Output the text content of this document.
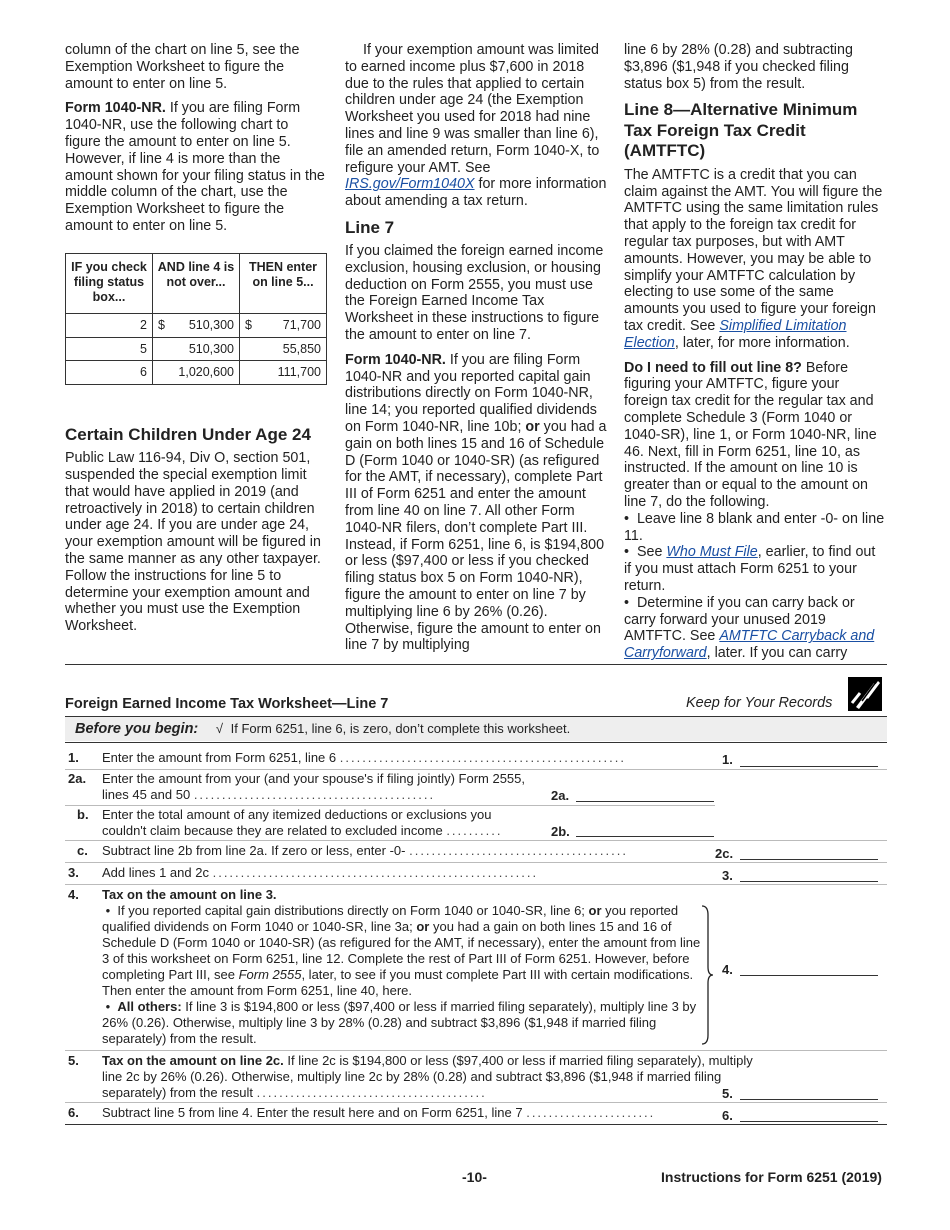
column of the chart on line 5, see the Exemption Worksheet to figure the amount to enter on line 5.

Form 1040-NR. If you are filing Form 1040-NR, use the following chart to figure the amount to enter on line 5. However, if line 4 is more than the amount shown for your filing status in the middle column of the chart, use the Exemption Worksheet to figure the amount to enter on line 5.

IF you check filing status box...	AND line 4 is not over...	THEN enter on line 5...
2	$ 510,300	$ 71,700
5	510,300	55,850
6	1,020,600	111,700
Certain Children Under Age 24

Public Law 116-94, Div O, section 501, suspended the special exemption limit that would have applied in 2019 (and retroactively in 2018) to certain children under age 24. If you are under age 24, your exemption amount will be figured in the same manner as any other taxpayer. Follow the instructions for line 5 to determine your exemption amount and whether you must use the Exemption Worksheet.

If your exemption amount was limited to earned income plus $7,600 in 2018 due to the rules that applied to certain children under age 24 (the Exemption Worksheet you used for 2018 had nine lines and line 9 was smaller than line 6), file an amended return, Form 1040-X, to refigure your AMT. See IRS.gov/Form1040X for more information about amending a tax return.

Line 7

If you claimed the foreign earned income exclusion, housing exclusion, or housing deduction on Form 2555, you must use the Foreign Earned Income Tax Worksheet in these instructions to figure the amount to enter on line 7.

Form 1040-NR. If you are filing Form 1040-NR and you reported capital gain distributions directly on Form 1040-NR, line 14; you reported qualified dividends on Form 1040-NR, line 10b; or you had a gain on both lines 15 and 16 of Schedule D (Form 1040 or 1040-SR) (as refigured for the AMT, if necessary), complete Part III of Form 6251 and enter the amount from line 40 on line 7. All other Form 1040-NR filers, don’t complete Part III. Instead, if Form 6251, line 6, is $194,800 or less ($97,400 or less if you checked filing status box 5 on Form 1040-NR), figure the amount to enter on line 7 by multiplying line 6 by 26% (0.26). Otherwise, figure the amount to enter on line 7 by multiplying

line 6 by 28% (0.28) and subtracting $3,896 ($1,948 if you checked filing status box 5) from the result.

Line 8—Alternative Minimum Tax Foreign Tax Credit (AMTFTC)

The AMTFTC is a credit that you can claim against the AMT. You will figure the AMTFTC using the same limitation rules that apply to the foreign tax credit for regular tax purposes, but with AMT amounts. However, you may be able to simplify your AMTFTC calculation by electing to use some of the same amounts you used to figure your foreign tax credit. See Simplified Limitation Election, later, for more information.

Do I need to fill out line 8? Before figuring your AMTFTC, figure your foreign tax credit for the regular tax and complete Schedule 3 (Form 1040 or 1040-SR), line 1, or Form 1040-NR, line 46. Next, fill in Form 6251, line 10, as instructed. If the amount on line 10 is greater than or equal to the amount on line 7, do the following.

•  Leave line 8 blank and enter -0- on line 11.

•  See Who Must File, earlier, to find out if you must attach Form 6251 to your return.

•  Determine if you can carry back or carry forward your unused 2019 AMTFTC. See AMTFTC Carryback and Carryforward, later. If you can carry

Foreign Earned Income Tax Worksheet—Line 7	Keep for Your Records
Before you begin: √ If Form 6251, line 6, is zero, don’t complete this worksheet.
1. Enter the amount from Form 6251, line 6 ...................................................	1.
2a. Enter the amount from your (and your spouse's if filing jointly) Form 2555,
lines 45 and 50 ...........................................	2a.
b. Enter the total amount of any itemized deductions or exclusions you
couldn't claim because they are related to excluded income ..........	2b.
c. Subtract line 2b from line 2a. If zero or less, enter -0- .......................................	2c.
3. Add lines 1 and 2c ..........................................................	3.
4. Tax on the amount on line 3.
•  If you reported capital gain distributions directly on Form 1040 or 1040-SR, line 6; or you reported qualified dividends on Form 1040 or 1040-SR, line 3a; or you had a gain on both lines 15 and 16 of Schedule D (Form 1040 or 1040-SR) (as refigured for the AMT, if necessary), enter the amount from line 3 of this worksheet on Form 6251, line 12. Complete the rest of Part III of Form 6251. However, before completing Part III, see Form 2555, later, to see if you must complete Part III with certain modifications. Then enter the amount from Form 6251, line 40, here.
•  All others: If line 3 is $194,800 or less ($97,400 or less if married filing separately), multiply line 3 by 26% (0.26). Otherwise, multiply line 3 by 28% (0.28) and subtract $3,896 ($1,948 if married filing separately) from the result.
4.
5. Tax on the amount on line 2c. If line 2c is $194,800 or less ($97,400 or less if married filing separately), multiply line 2c by 26% (0.26). Otherwise, multiply line 2c by 28% (0.28) and subtract $3,896 ($1,948 if married filing separately) from the result .........................................	5.
6. Subtract line 5 from line 4. Enter the result here and on Form 6251, line 7 .......................	6.
-10-	Instructions for Form 6251 (2019)
